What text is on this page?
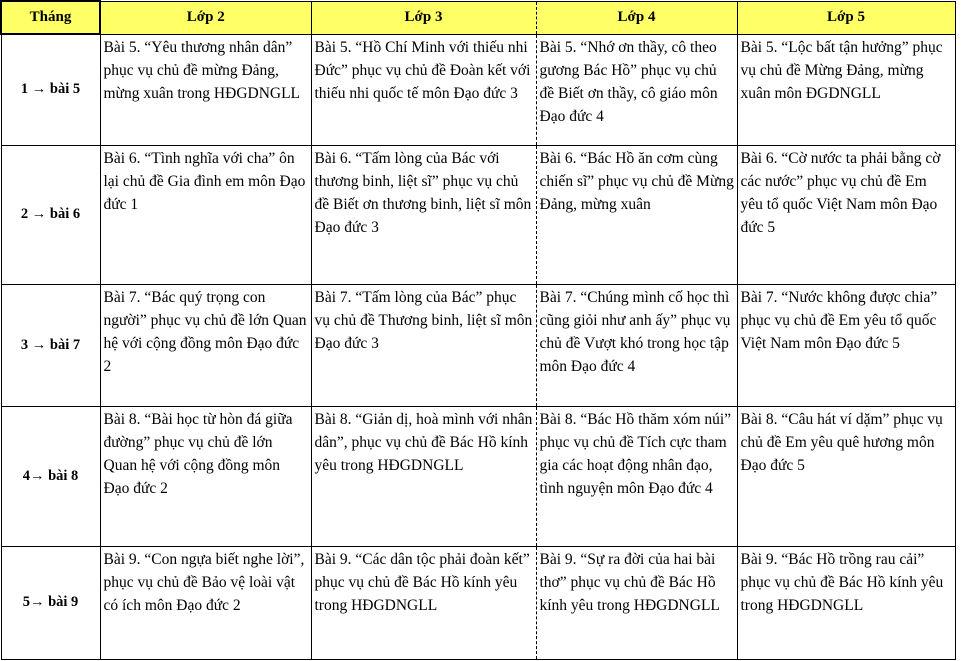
Tháng	Lớp 2	Lớp 3	Lớp 4	Lớp 5
1 → bài 5	Bài 5. “Yêu thương nhân dân” phục vụ chủ đề mừng Đảng, mừng xuân trong HĐGDNGLL	Bài 5. “Hồ Chí Minh với thiếu nhi Đức” phục vụ chủ đề Đoàn kết với thiếu nhi quốc tế môn Đạo đức 3	Bài 5. “Nhớ ơn thầy, cô theo gương Bác Hồ” phục vụ chủ đề Biết ơn thầy, cô giáo môn Đạo đức 4	Bài 5. “Lộc bất tận hưởng” phục vụ chủ đề Mừng Đảng, mừng xuân môn ĐGDNGLL
2 → bài 6	Bài 6. “Tình nghĩa với cha” ôn lại chủ đề Gia đình em môn Đạo đức 1	Bài 6. “Tấm lòng của Bác với thương binh, liệt sĩ” phục vụ chủ đề Biết ơn thương binh, liệt sĩ môn Đạo đức 3	Bài 6. “Bác Hồ ăn cơm cùng chiến sĩ” phục vụ chủ đề Mừng Đảng, mừng xuân	Bài 6. “Cờ nước ta phải bằng cờ các nước” phục vụ chủ đề Em yêu tổ quốc Việt Nam môn Đạo đức 5
3 → bài 7	Bài 7. “Bác quý trọng con người” phục vụ chủ đề lớn Quan hệ với cộng đồng môn Đạo đức 2	Bài 7. “Tấm lòng của Bác” phục vụ chủ đề Thương binh, liệt sĩ môn Đạo đức 3	Bài 7. “Chúng mình cố học thì cũng giỏi như anh ấy” phục vụ chủ đề Vượt khó trong học tập môn Đạo đức 4	Bài 7. “Nước không được chia” phục vụ chủ đề Em yêu tổ quốc Việt Nam môn Đạo đức 5
4→ bài 8	Bài 8. “Bài học từ hòn đá giữa đường” phục vụ chủ đề lớn Quan hệ với cộng đồng môn Đạo đức 2	Bài 8. “Giản dị, hoà mình với nhân dân”, phục vụ chủ đề Bác Hồ kính yêu trong HĐGDNGLL	Bài 8. “Bác Hồ thăm xóm núi” phục vụ chủ đề Tích cực tham gia các hoạt động nhân đạo, tình nguyện môn Đạo đức 4	Bài 8. “Câu hát ví dặm” phục vụ chủ đề Em yêu quê hương môn Đạo đức 5
5→ bài 9	Bài 9. “Con ngựa biết nghe lời”, phục vụ chủ đề Bảo vệ loài vật có ích môn Đạo đức 2	Bài 9. “Các dân tộc phải đoàn kết” phục vụ chủ đề Bác Hồ kính yêu trong HĐGDNGLL	Bài 9. “Sự ra đời của hai bài thơ” phục vụ chủ đề Bác Hồ kính yêu trong HĐGDNGLL	Bài 9. “Bác Hồ trồng rau cải” phục vụ chủ đề Bác Hồ kính yêu trong HĐGDNGLL
